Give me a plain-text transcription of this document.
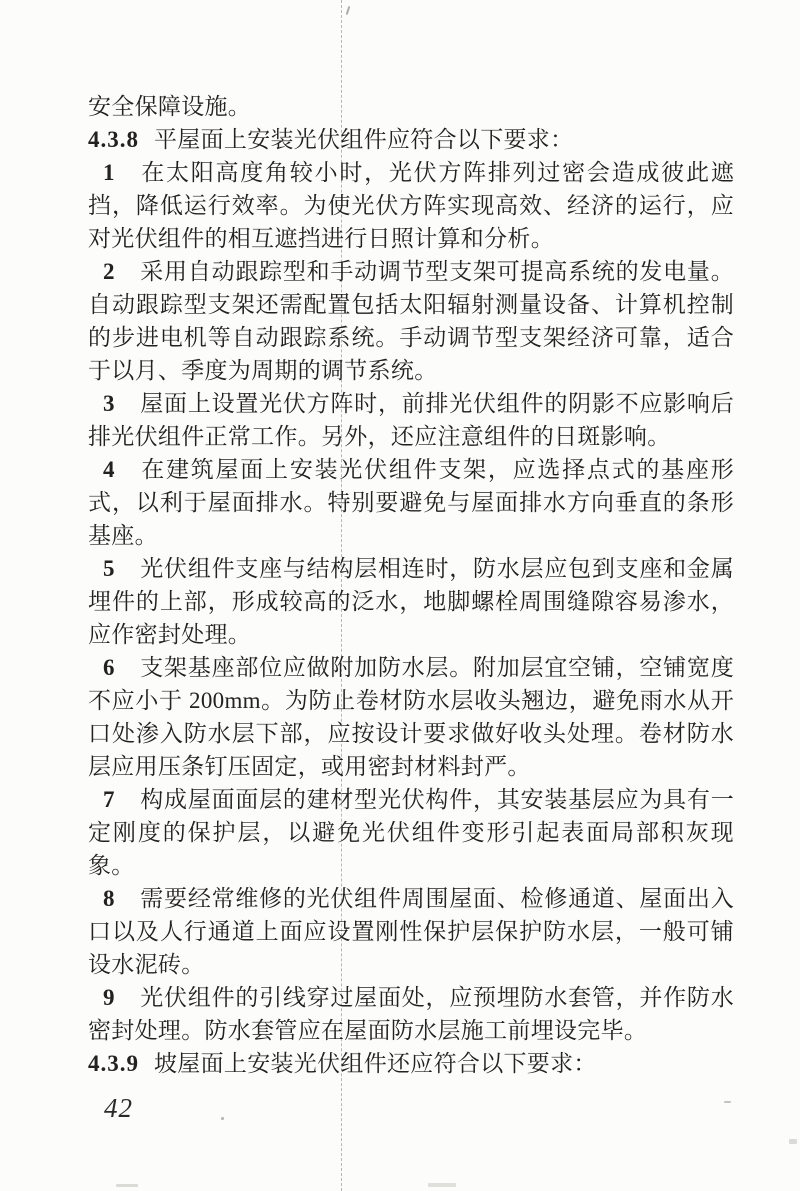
安全保障设施。

4.3.8 平屋面上安装光伏组件应符合以下要求：

1 在太阳高度角较小时，光伏方阵排列过密会造成彼此遮挡，降低运行效率。为使光伏方阵实现高效、经济的运行，应对光伏组件的相互遮挡进行日照计算和分析。

2 采用自动跟踪型和手动调节型支架可提高系统的发电量。自动跟踪型支架还需配置包括太阳辐射测量设备、计算机控制的步进电机等自动跟踪系统。手动调节型支架经济可靠，适合于以月、季度为周期的调节系统。

3 屋面上设置光伏方阵时，前排光伏组件的阴影不应影响后排光伏组件正常工作。另外，还应注意组件的日斑影响。

4 在建筑屋面上安装光伏组件支架，应选择点式的基座形式，以利于屋面排水。特别要避免与屋面排水方向垂直的条形基座。

5 光伏组件支座与结构层相连时，防水层应包到支座和金属埋件的上部，形成较高的泛水，地脚螺栓周围缝隙容易渗水，应作密封处理。

6 支架基座部位应做附加防水层。附加层宜空铺，空铺宽度不应小于 200mm。为防止卷材防水层收头翘边，避免雨水从开口处渗入防水层下部，应按设计要求做好收头处理。卷材防水层应用压条钉压固定，或用密封材料封严。

7 构成屋面面层的建材型光伏构件，其安装基层应为具有一定刚度的保护层，以避免光伏组件变形引起表面局部积灰现象。

8 需要经常维修的光伏组件周围屋面、检修通道、屋面出入口以及人行通道上面应设置刚性保护层保护防水层，一般可铺设水泥砖。

9 光伏组件的引线穿过屋面处，应预埋防水套管，并作防水密封处理。防水套管应在屋面防水层施工前埋设完毕。

4.3.9 坡屋面上安装光伏组件还应符合以下要求：

42
